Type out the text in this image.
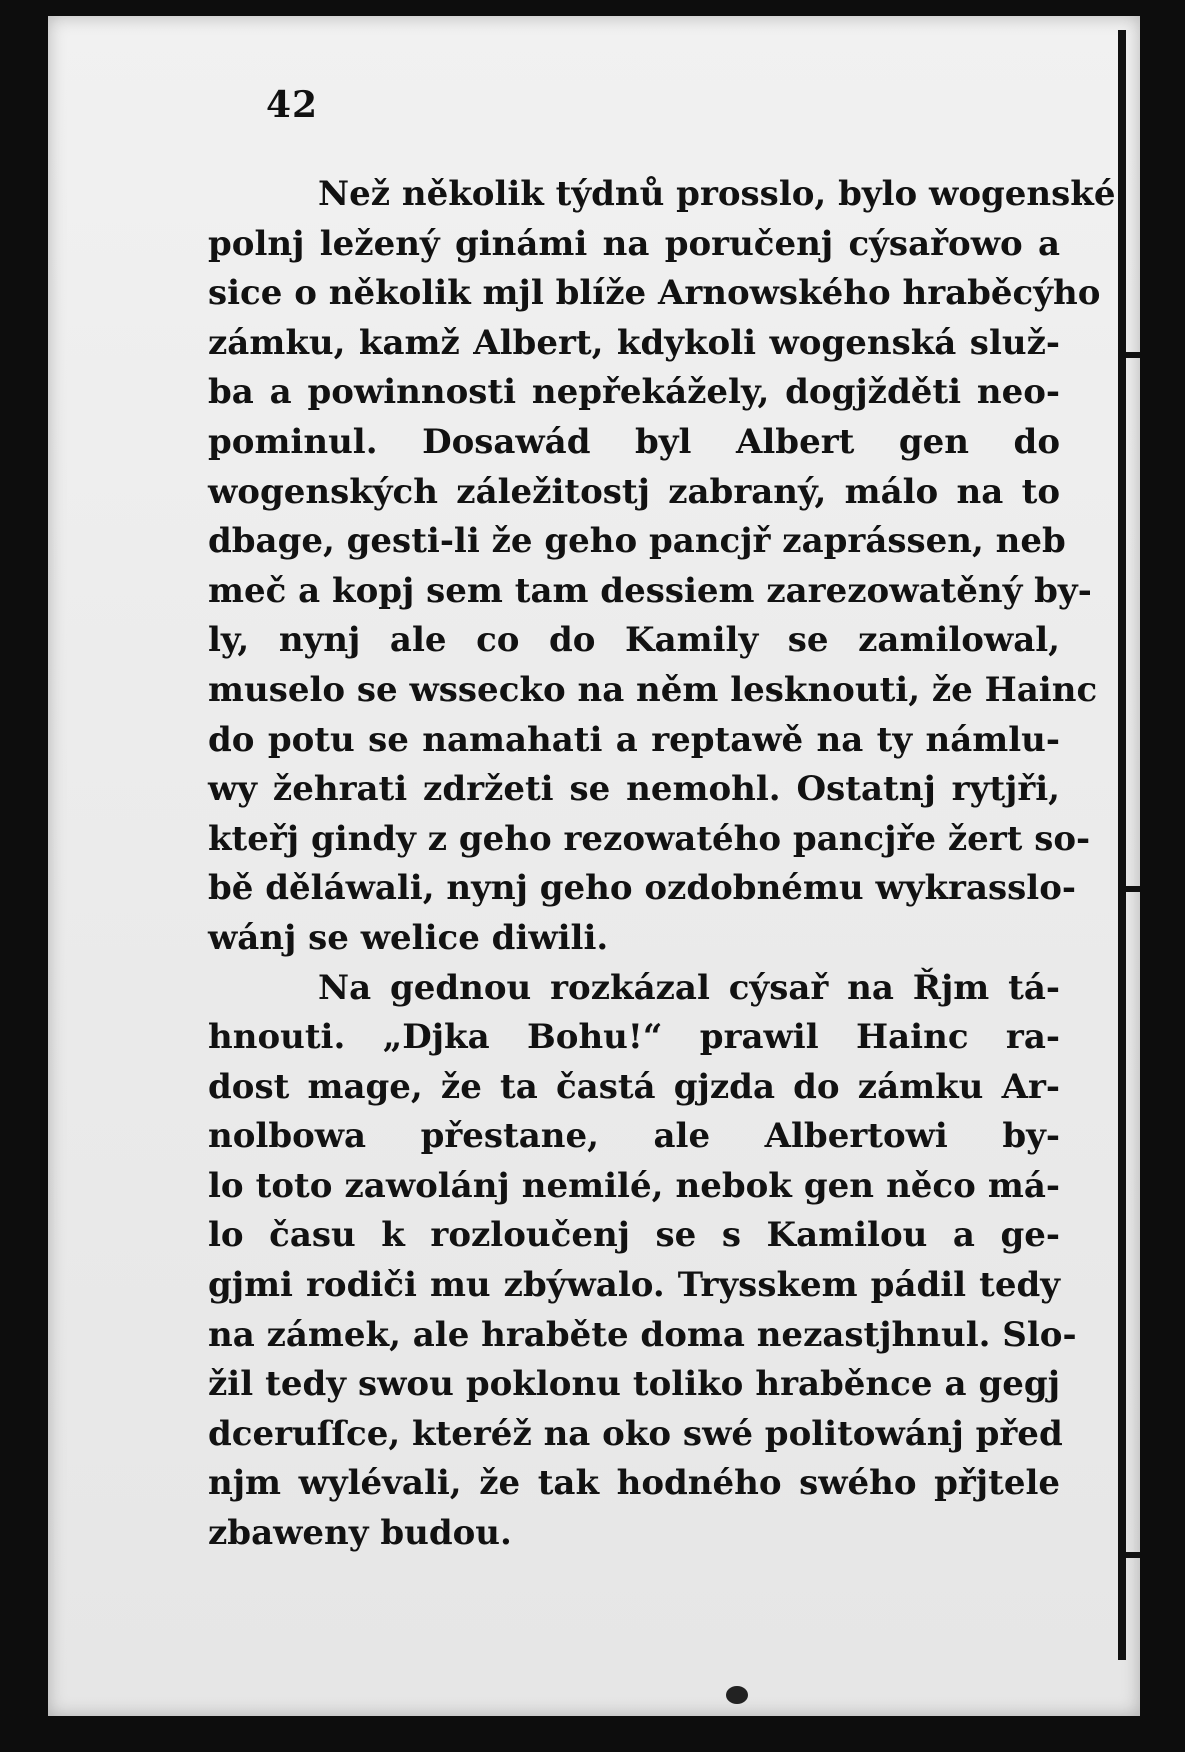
42
Než několik týdnů prosslo, bylo wogenské
polnj ležený ginámi na poručenj cýsařowo a
sice o několik mjl blíže Arnowského hraběcýho
zámku, kamž Albert, kdykoli wogenská služ-
ba a powinnosti nepřekážely, dogjžděti neo-
pominul. Dosawád byl Albert gen do
wogenských záležitostj zabraný, málo na to
dbage, gesti-li že geho pancjř zaprássen, neb
meč a kopj sem tam dessiem zarezowatěný by-
ly, nynj ale co do Kamily se zamilowal,
muselo se wssecko na něm lesknouti, že Hainc
do potu se namahati a reptawě na ty námlu-
wy žehrati zdržeti se nemohl. Ostatnj rytjři,
kteřj gindy z geho rezowatého pancjře žert so-
bě děláwali, nynj geho ozdobnému wykrasslo-
wánj se welice diwili.
Na gednou rozkázal cýsař na Řjm tá-
hnouti. „Djka Bohu!“ prawil Hainc ra-
dost mage, že ta častá gjzda do zámku Ar-
nolbowa přestane, ale Albertowi by-
lo toto zawolánj nemilé, nebok gen něco má-
lo času k rozloučenj se s Kamilou a ge-
gjmi rodiči mu zbýwalo. Trysskem pádil tedy
na zámek, ale hraběte doma nezastjhnul. Slo-
žil tedy swou poklonu toliko hraběnce a gegj
dceruſſce, kteréž na oko swé politowánj před
njm wylévali, že tak hodného swého přjtele
zbaweny budou.
